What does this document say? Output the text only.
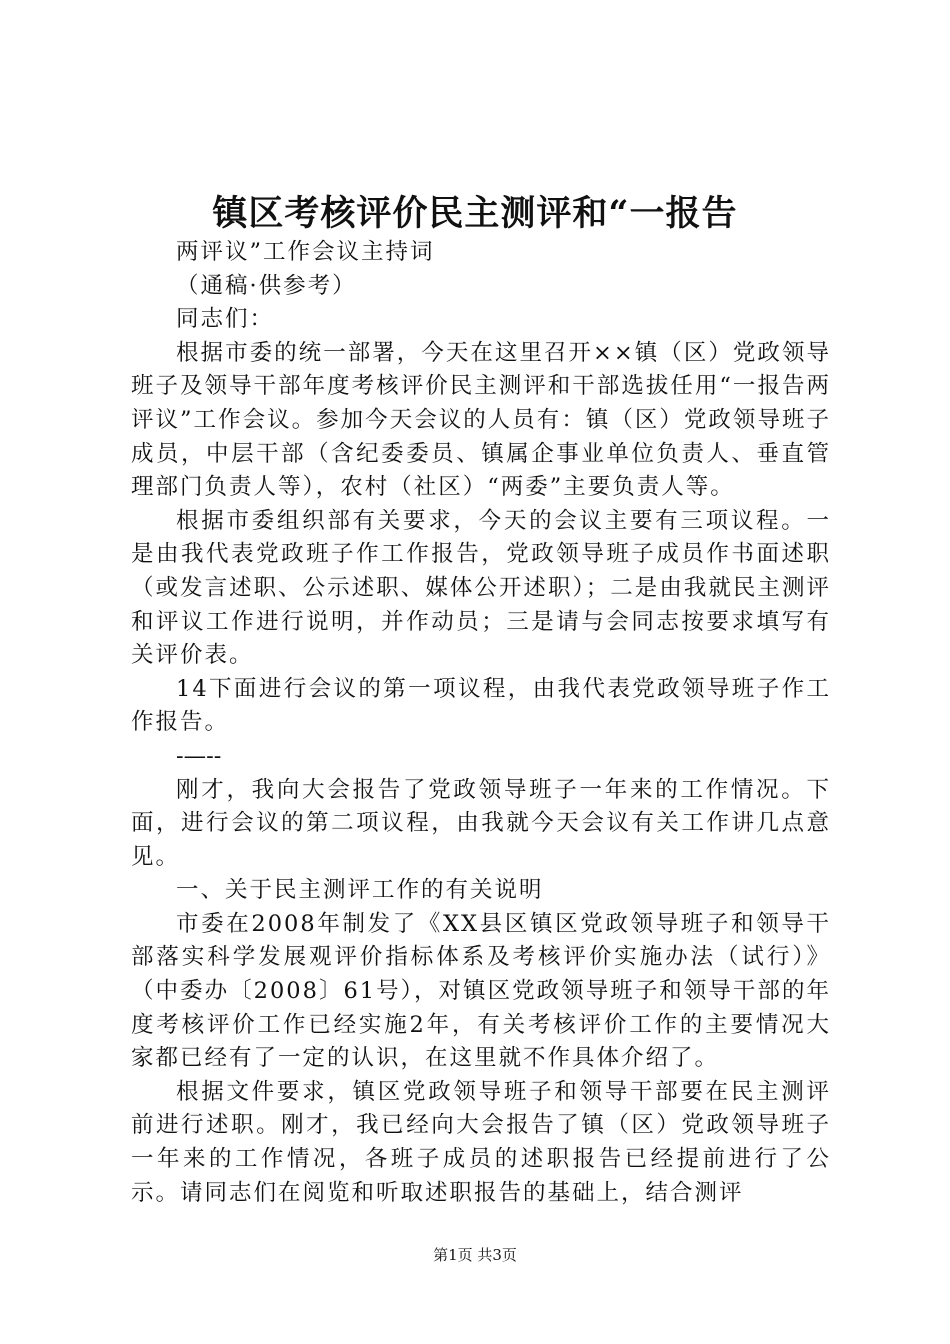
镇区考核评价民主测评和“一报告

两评议”工作会议主持词

（通稿·供参考）

同志们：

根据市委的统一部署，今天在这里召开××镇（区）党政领导班子及领导干部年度考核评价民主测评和干部选拔任用“一报告两评议”工作会议。参加今天会议的人员有：镇（区）党政领导班子成员，中层干部（含纪委委员、镇属企事业单位负责人、垂直管理部门负责人等），农村（社区）“两委”主要负责人等。

根据市委组织部有关要求，今天的会议主要有三项议程。一是由我代表党政班子作工作报告，党政领导班子成员作书面述职（或发言述职、公示述职、媒体公开述职）；二是由我就民主测评和评议工作进行说明，并作动员；三是请与会同志按要求填写有关评价表。

14下面进行会议的第一项议程，由我代表党政领导班子作工作报告。

-—--

刚才，我向大会报告了党政领导班子一年来的工作情况。下面，进行会议的第二项议程，由我就今天会议有关工作讲几点意见。

一、关于民主测评工作的有关说明

市委在2008年制发了《XX县区镇区党政领导班子和领导干部落实科学发展观评价指标体系及考核评价实施办法（试行）》（中委办〔2008〕61号），对镇区党政领导班子和领导干部的年度考核评价工作已经实施2年，有关考核评价工作的主要情况大家都已经有了一定的认识，在这里就不作具体介绍了。

根据文件要求，镇区党政领导班子和领导干部要在民主测评前进行述职。刚才，我已经向大会报告了镇（区）党政领导班子一年来的工作情况，各班子成员的述职报告已经提前进行了公示。请同志们在阅览和听取述职报告的基础上，结合测评

第1页 共3页
